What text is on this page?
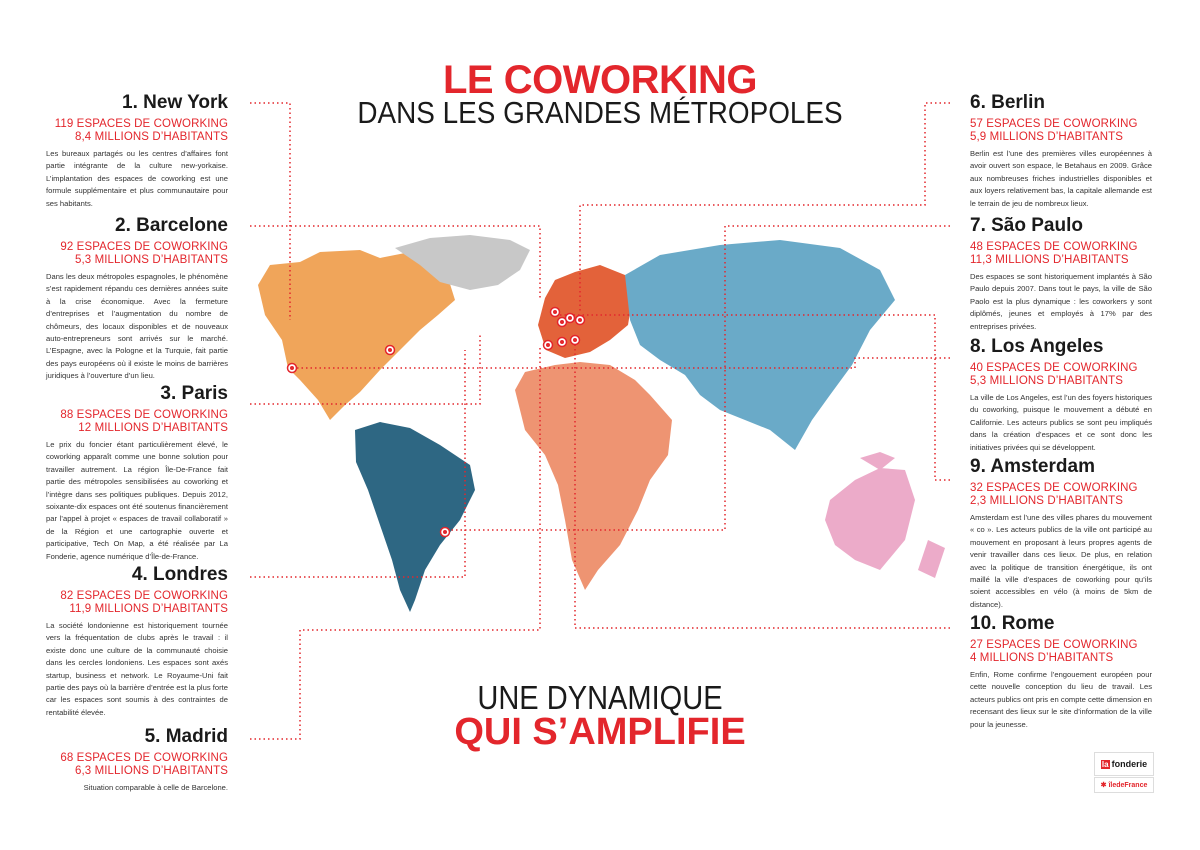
LE COWORKING
DANS LES GRANDES MÉTROPOLES
UNE DYNAMIQUE
QUI S’AMPLIFIE
1. New York
119 ESPACES DE COWORKING
8,4 MILLIONS D’HABITANTS

Les bureaux partagés ou les centres d’affaires font partie intégrante de la culture new-yorkaise. L’implantation des espaces de coworking est une formule supplémentaire et plus communautaire pour ses habitants.

2. Barcelone
92 ESPACES DE COWORKING
5,3 MILLIONS D’HABITANTS

Dans les deux métropoles espagnoles, le phénomène s’est rapidement répandu ces dernières années suite à la crise économique. Avec la fermeture d’entreprises et l’augmentation du nombre de chômeurs, des locaux disponibles et de nouveaux auto-entrepreneurs sont arrivés sur le marché. L’Espagne, avec la Pologne et la Turquie, fait partie des pays européens où il existe le moins de barrières juridiques à l’ouverture d’un lieu.

3. Paris
88 ESPACES DE COWORKING
12 MILLIONS D’HABITANTS

Le prix du foncier étant particulièrement élevé, le coworking apparaît comme une bonne solution pour travailler autrement. La région Île-De-France fait partie des métropoles sensibilisées au coworking et l’intègre dans ses politiques publiques. Depuis 2012, soixante-dix espaces ont été soutenus financièrement par l’appel à projet « espaces de travail collaboratif » de la Région et une cartographie ouverte et participative, Tech On Map, a été réalisée par La Fonderie, agence numérique d’Île-de-France.

4. Londres
82 ESPACES DE COWORKING
11,9 MILLIONS D’HABITANTS

La société londonienne est historiquement tournée vers la fréquentation de clubs après le travail : il existe donc une culture de la communauté choisie dans les cercles londoniens. Les espaces sont axés startup, business et network. Le Royaume-Uni fait partie des pays où la barrière d’entrée est la plus forte car les espaces sont soumis à des contraintes de rentabilité élevée.

5. Madrid
68 ESPACES DE COWORKING
6,3 MILLIONS D’HABITANTS

Situation comparable à celle de Barcelone.

6. Berlin
57 ESPACES DE COWORKING
5,9 MILLIONS D’HABITANTS

Berlin est l’une des premières villes européennes à avoir ouvert son espace, le Betahaus en 2009. Grâce aux nombreuses friches industrielles disponibles et aux loyers relativement bas, la capitale allemande est le terrain de jeu de nombreux lieux.

7. São Paulo
48 ESPACES DE COWORKING
11,3 MILLIONS D’HABITANTS

Des espaces se sont historiquement implantés à São Paulo depuis 2007. Dans tout le pays, la ville de São Paolo est la plus dynamique : les coworkers y sont diplômés, jeunes et employés à 17% par des entreprises privées.

8. Los Angeles
40 ESPACES DE COWORKING
5,3 MILLIONS D’HABITANTS

La ville de Los Angeles, est l’un des foyers historiques du coworking, puisque le mouvement a débuté en Californie. Les acteurs publics se sont peu impliqués dans la création d’espaces et ce sont donc les initiatives privées qui se développent.

9. Amsterdam
32 ESPACES DE COWORKING
2,3 MILLIONS D’HABITANTS

Amsterdam est l’une des villes phares du mouvement « co ». Les acteurs publics de la ville ont participé au mouvement en proposant à leurs propres agents de venir travailler dans ces lieux. De plus, en relation avec la politique de transition énergétique, ils ont maillé la ville d’espaces de coworking pour qu’ils soient accessibles en vélo (à moins de 5km de distance).

10. Rome
27 ESPACES DE COWORKING
4 MILLIONS D’HABITANTS

Enfin, Rome confirme l’engouement européen pour cette nouvelle conception du lieu de travail. Les acteurs publics ont pris en compte cette dimension en recensant des lieux sur le site d’information de la ville pour la jeunesse.

la fonderie
✱ îledeFrance
